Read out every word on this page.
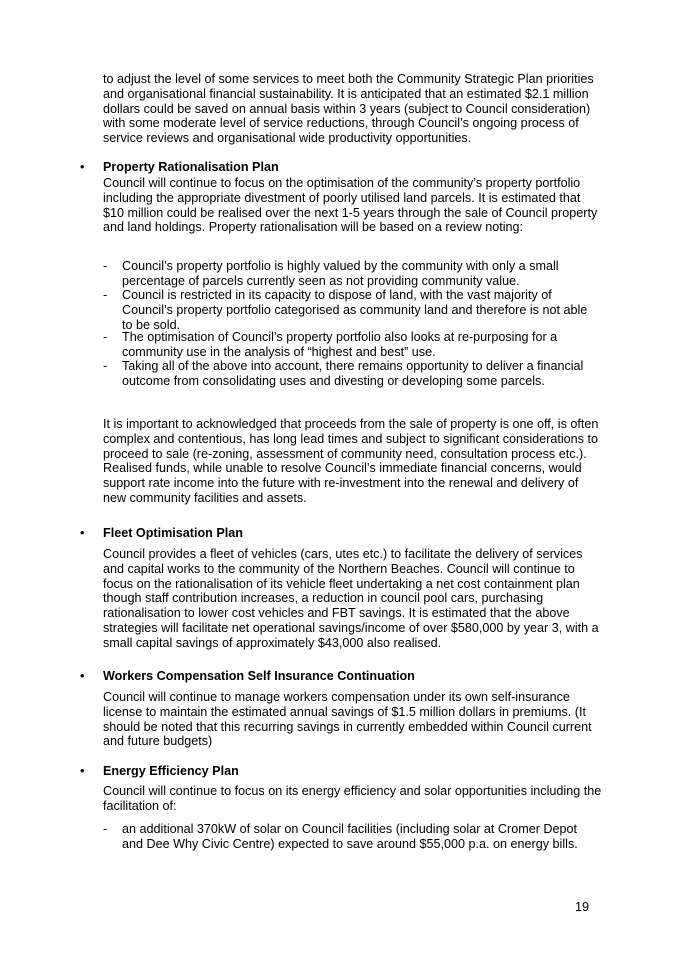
to adjust the level of some services to meet both the Community Strategic Plan priorities and organisational financial sustainability. It is anticipated that an estimated $2.1 million dollars could be saved on annual basis within 3 years (subject to Council consideration) with some moderate level of service reductions, through Council’s ongoing process of service reviews and organisational wide productivity opportunities.

• Property Rationalisation Plan

Council will continue to focus on the optimisation of the community’s property portfolio including the appropriate divestment of poorly utilised land parcels. It is estimated that $10 million could be realised over the next 1-5 years through the sale of Council property and land holdings. Property rationalisation will be based on a review noting:

- Council’s property portfolio is highly valued by the community with only a small percentage of parcels currently seen as not providing community value.
- Council is restricted in its capacity to dispose of land, with the vast majority of Council’s property portfolio categorised as community land and therefore is not able to be sold.
- The optimisation of Council’s property portfolio also looks at re-purposing for a community use in the analysis of “highest and best” use.
- Taking all of the above into account, there remains opportunity to deliver a financial outcome from consolidating uses and divesting or developing some parcels.

It is important to acknowledged that proceeds from the sale of property is one off, is often complex and contentious, has long lead times and subject to significant considerations to proceed to sale (re-zoning, assessment of community need, consultation process etc.). Realised funds, while unable to resolve Council’s immediate financial concerns, would support rate income into the future with re-investment into the renewal and delivery of new community facilities and assets.

• Fleet Optimisation Plan

Council provides a fleet of vehicles (cars, utes etc.) to facilitate the delivery of services and capital works to the community of the Northern Beaches. Council will continue to focus on the rationalisation of its vehicle fleet undertaking a net cost containment plan though staff contribution increases, a reduction in council pool cars, purchasing rationalisation to lower cost vehicles and FBT savings. It is estimated that the above strategies will facilitate net operational savings/income of over $580,000 by year 3, with a small capital savings of approximately $43,000 also realised.

• Workers Compensation Self Insurance Continuation

Council will continue to manage workers compensation under its own self-insurance license to maintain the estimated annual savings of $1.5 million dollars in premiums. (It should be noted that this recurring savings in currently embedded within Council current and future budgets)

• Energy Efficiency Plan

Council will continue to focus on its energy efficiency and solar opportunities including the facilitation of:

- an additional 370kW of solar on Council facilities (including solar at Cromer Depot and Dee Why Civic Centre) expected to save around $55,000 p.a. on energy bills.
19
